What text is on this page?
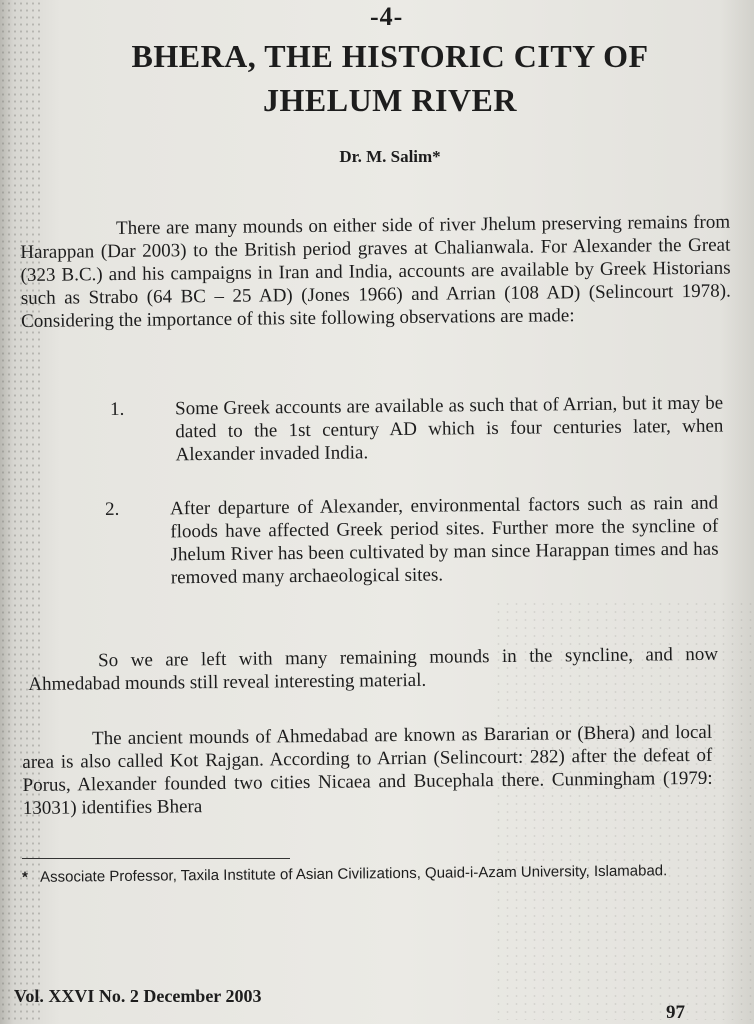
-4-
BHERA, THE HISTORIC CITY OF
JHELUM RIVER
Dr. M. Salim*
There are many mounds on either side of river Jhelum preserving remains from Harappan (Dar 2003) to the British period graves at Chalianwala. For Alexander the Great (323 B.C.) and his campaigns in Iran and India, accounts are available by Greek Historians such as Strabo (64 BC – 25 AD) (Jones 1966) and Arrian (108 AD) (Selincourt 1978). Considering the importance of this site following observations are made:
1.	Some Greek accounts are available as such that of Arrian, but it may be dated to the 1st century AD which is four centuries later, when Alexander invaded India.
2.	After departure of Alexander, environmental factors such as rain and floods have affected Greek period sites. Further more the syncline of Jhelum River has been cultivated by man since Harappan times and has removed many archaeological sites.
So we are left with many remaining mounds in the syncline, and now Ahmedabad mounds still reveal interesting material.
The ancient mounds of Ahmedabad are known as Bararian or (Bhera) and local area is also called Kot Rajgan. According to Arrian (Selincourt: 282) after the defeat of Porus, Alexander founded two cities Nicaea and Bucephala there. Cunmingham (1979: 13031) identifies Bhera
* Associate Professor, Taxila Institute of Asian Civilizations, Quaid-i-Azam University, Islamabad.
Vol. XXVI No. 2 December 2003
97
